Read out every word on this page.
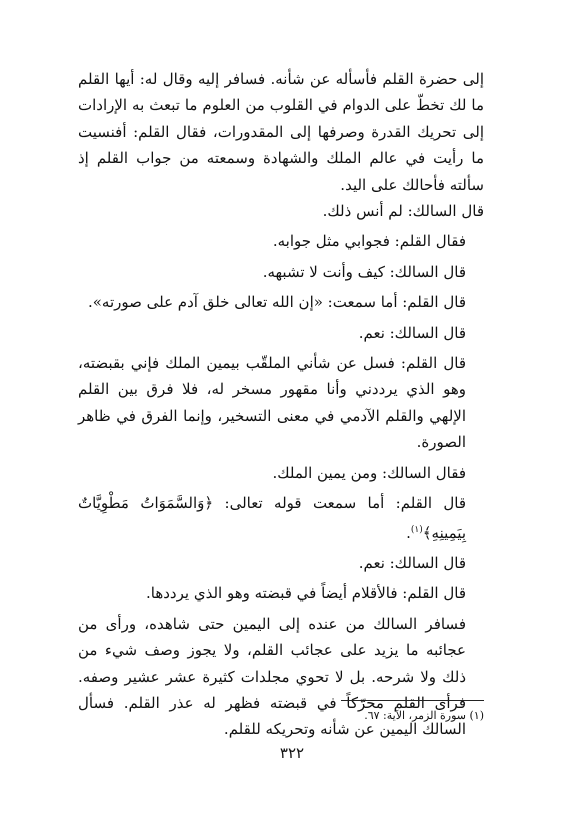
إلى حضرة القلم فأسأله عن شأنه. فسافر إليه وقال له: أيها القلم ما لك تخطّ على الدوام في القلوب من العلوم ما تبعث به الإرادات إلى تحريك القدرة وصرفها إلى المقدورات، فقال القلم: أفنسيت ما رأيت في عالم الملك والشهادة وسمعته من جواب القلم إذ سألته فأحالك على اليد.

قال السالك: لم أنس ذلك.

فقال القلم: فجوابي مثل جوابه.

قال السالك: كيف وأنت لا تشبهه.

قال القلم: أما سمعت: «إن الله تعالى خلق آدم على صورته».

قال السالك: نعم.

قال القلم: فسل عن شأني الملقّب بيمين الملك فإني بقبضته، وهو الذي يرددني وأنا مقهور مسخر له، فلا فرق بين القلم الإلهي والقلم الآدمي في معنى التسخير، وإنما الفرق في ظاهر الصورة.

فقال السالك: ومن يمين الملك.

قال القلم: أما سمعت قوله تعالى: ﴿وَالسَّمَوَاتُ مَطْوِيَّاتٌ بِيَمِينِهِ﴾$^{(١)}$.

قال السالك: نعم.

قال القلم: فالأقلام أيضاً في قبضته وهو الذي يرددها.

فسافر السالك من عنده إلى اليمين حتى شاهده، ورأى من عجائبه ما يزيد على عجائب القلم، ولا يجوز وصف شيء من ذلك ولا شرحه. بل لا تحوي مجلدات كثيرة عشر عشير وصفه. فرأى القلم محرّكاً في قبضته فظهر له عذر القلم. فسأل السالك اليمين عن شأنه وتحريكه للقلم.

(١) سورة الزمر، الآية: ٦٧.
٣٢٢
